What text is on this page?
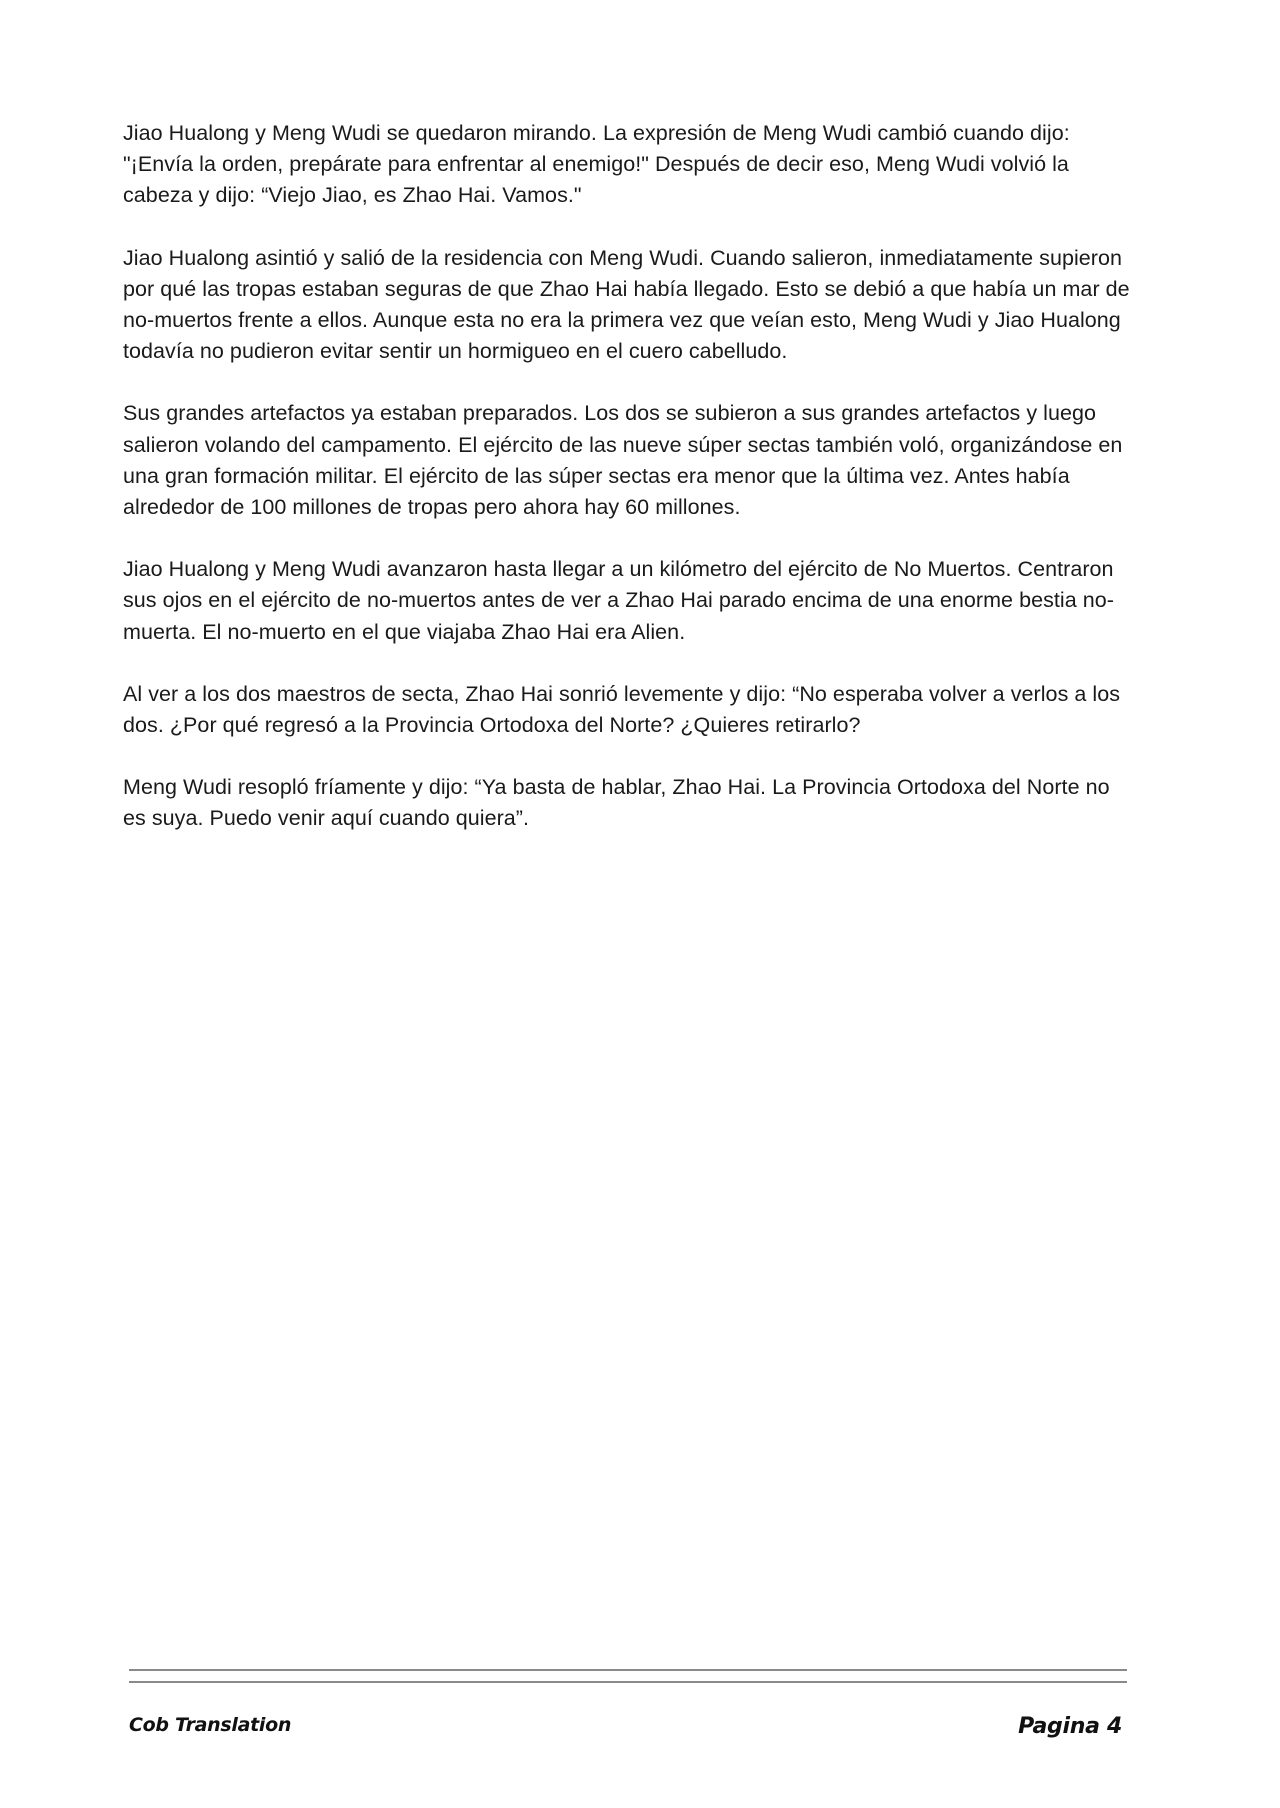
Jiao Hualong y Meng Wudi se quedaron mirando. La expresión de Meng Wudi cambió cuando dijo: "¡Envía la orden, prepárate para enfrentar al enemigo!" Después de decir eso, Meng Wudi volvió la cabeza y dijo: “Viejo Jiao, es Zhao Hai. Vamos."

Jiao Hualong asintió y salió de la residencia con Meng Wudi. Cuando salieron, inmediatamente supieron por qué las tropas estaban seguras de que Zhao Hai había llegado. Esto se debió a que había un mar de no-muertos frente a ellos. Aunque esta no era la primera vez que veían esto, Meng Wudi y Jiao Hualong todavía no pudieron evitar sentir un hormigueo en el cuero cabelludo.

Sus grandes artefactos ya estaban preparados. Los dos se subieron a sus grandes artefactos y luego salieron volando del campamento. El ejército de las nueve súper sectas también voló, organizándose en una gran formación militar. El ejército de las súper sectas era menor que la última vez. Antes había alrededor de 100 millones de tropas pero ahora hay 60 millones.

Jiao Hualong y Meng Wudi avanzaron hasta llegar a un kilómetro del ejército de No Muertos. Centraron sus ojos en el ejército de no-muertos antes de ver a Zhao Hai parado encima de una enorme bestia no-muerta. El no-muerto en el que viajaba Zhao Hai era Alien.

Al ver a los dos maestros de secta, Zhao Hai sonrió levemente y dijo: “No esperaba volver a verlos a los dos. ¿Por qué regresó a la Provincia Ortodoxa del Norte? ¿Quieres retirarlo?

Meng Wudi resopló fríamente y dijo: “Ya basta de hablar, Zhao Hai. La Provincia Ortodoxa del Norte no es suya. Puedo venir aquí cuando quiera”.

Cob Translation	Pagina 4
